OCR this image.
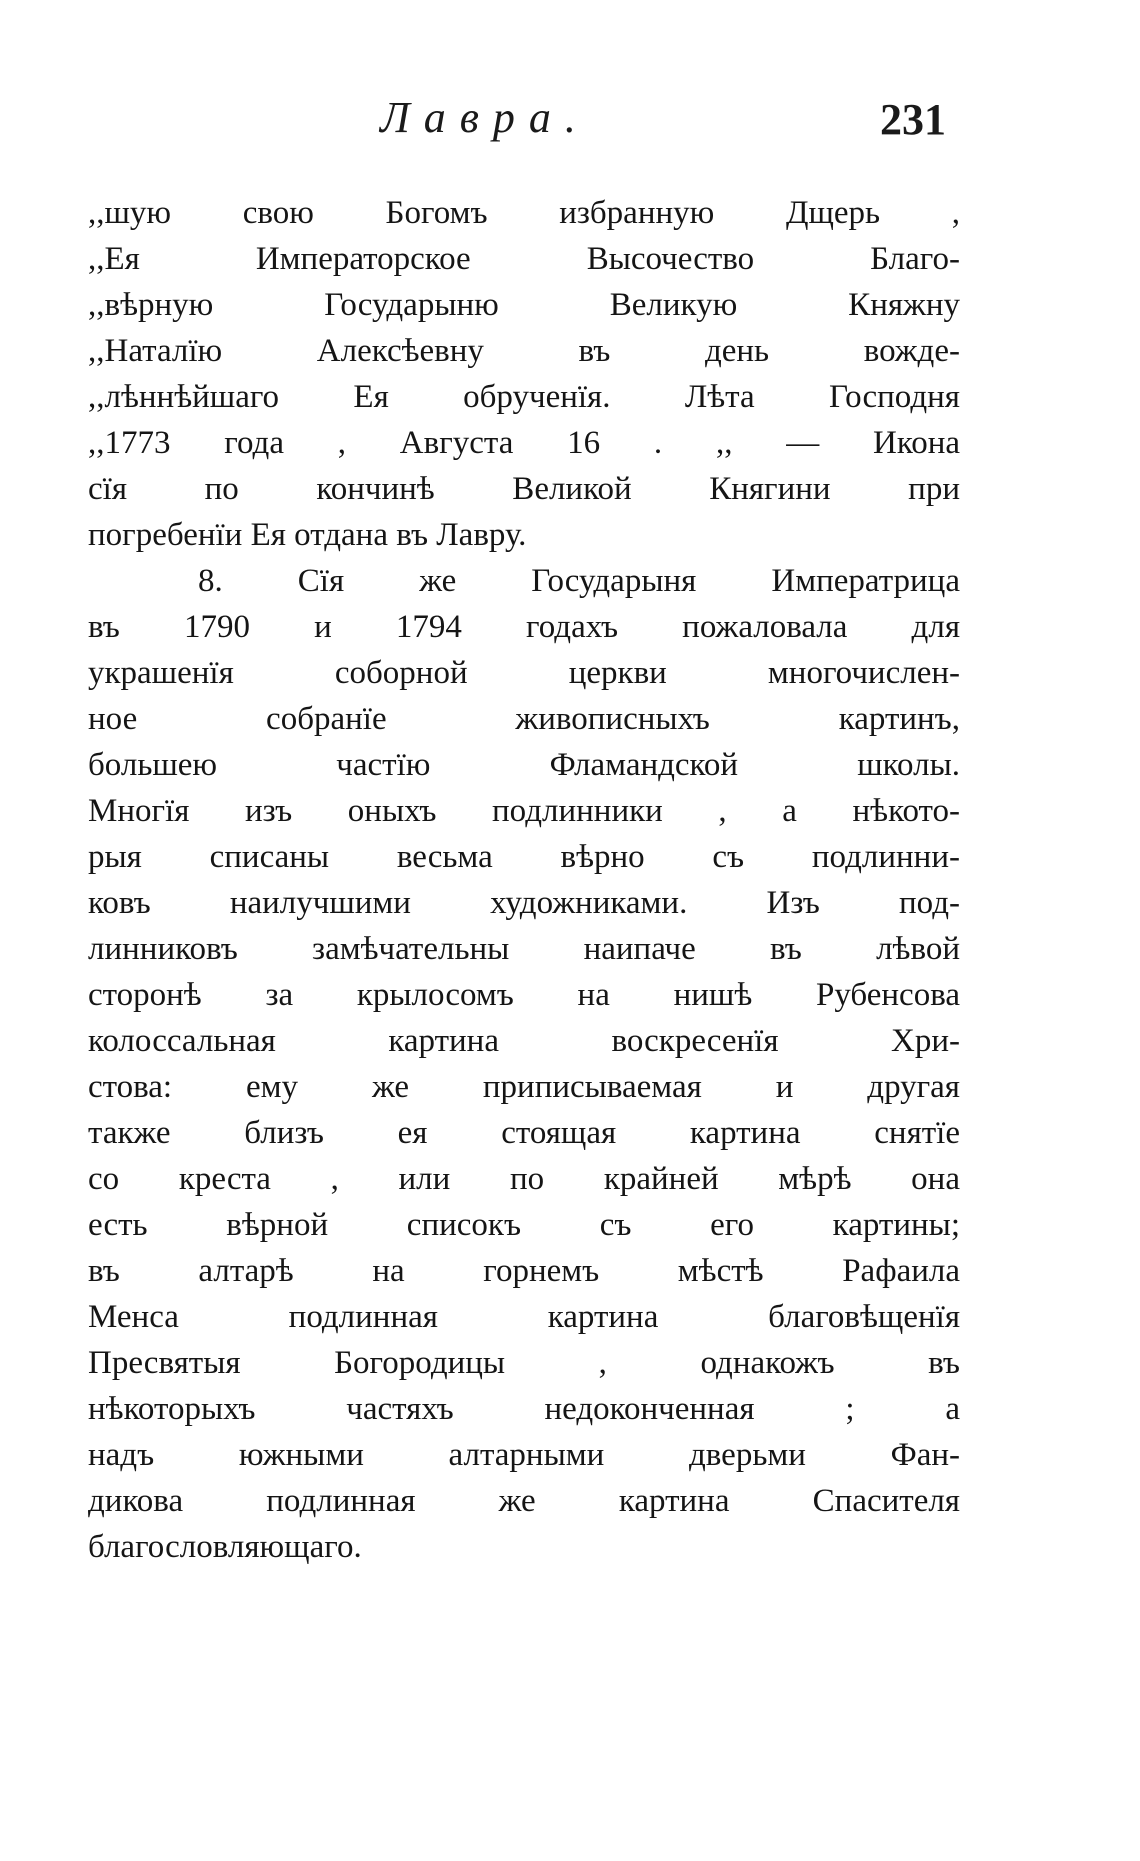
Лавра.	231
,,шую свою Богомъ избранную Дщерь ,
,,Ея Императорское Высочество Благо-
,,вѣрную Государыню Великую Княжну
,,Наталїю Алексѣевну въ день вожде-
,,лѣннѣйшаго Ея обрученїя. Лѣта Господня
,,1773 года , Августа 16 . ,, — Икона
сїя по кончинѣ Великой Княгини при
погребенїи Ея отдана въ Лавру.
8. Сїя же Государыня Императрица
въ 1790 и 1794 годахъ пожаловала для
украшенїя соборной церкви многочислен-
ное собранїе живописныхъ картинъ,
большею частїю Фламандской школы.
Многїя изъ оныхъ подлинники , а нѣкото-
рыя списаны весьма вѣрно съ подлинни-
ковъ наилучшими художниками. Изъ под-
линниковъ замѣчательны наипаче въ лѣвой
сторонѣ за крылосомъ на нишѣ Рубенсова
колоссальная картина воскресенїя Хри-
стова: ему же приписываемая и другая
также близъ ея стоящая картина снятїе
со креста , или по крайней мѣрѣ она
есть вѣрной списокъ съ его картины;
въ алтарѣ на горнемъ мѣстѣ Рафаила
Менса подлинная картина благовѣщенїя
Пресвятыя Богородицы , однакожъ въ
нѣкоторыхъ частяхъ недоконченная ; а
надъ южными алтарными дверьми Фан-
дикова подлинная же картина Спасителя
благословляющаго.
